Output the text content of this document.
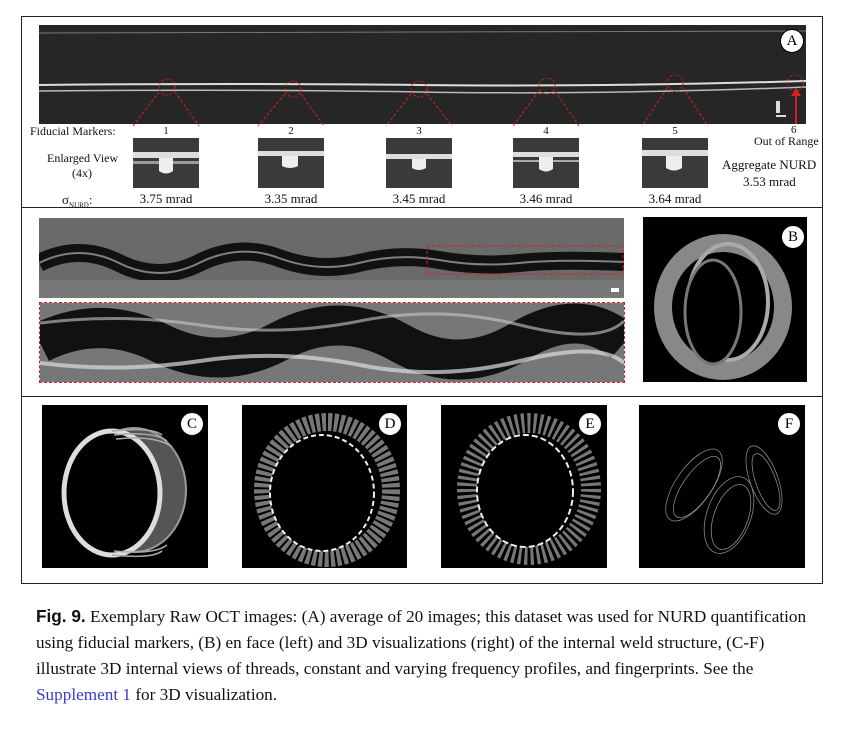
A
Fiducial Markers:
Enlarged View
(4x)
$\sigma_{NURD}$:
1	2	3	4	5	6
3.75 mrad	3.35 mrad	3.45 mrad	3.46 mrad	3.64 mrad
Out of Range
Aggregate NURD
3.53 mrad
B
C	D	E	F
Fig. 9. Exemplary Raw OCT images: (A) average of 20 images; this dataset was used for NURD quantification using fiducial markers, (B) en face (left) and 3D visualizations (right) of the internal weld structure, (C-F) illustrate 3D internal views of threads, constant and varying frequency profiles, and fingerprints. See the Supplement 1 for 3D visualization.
